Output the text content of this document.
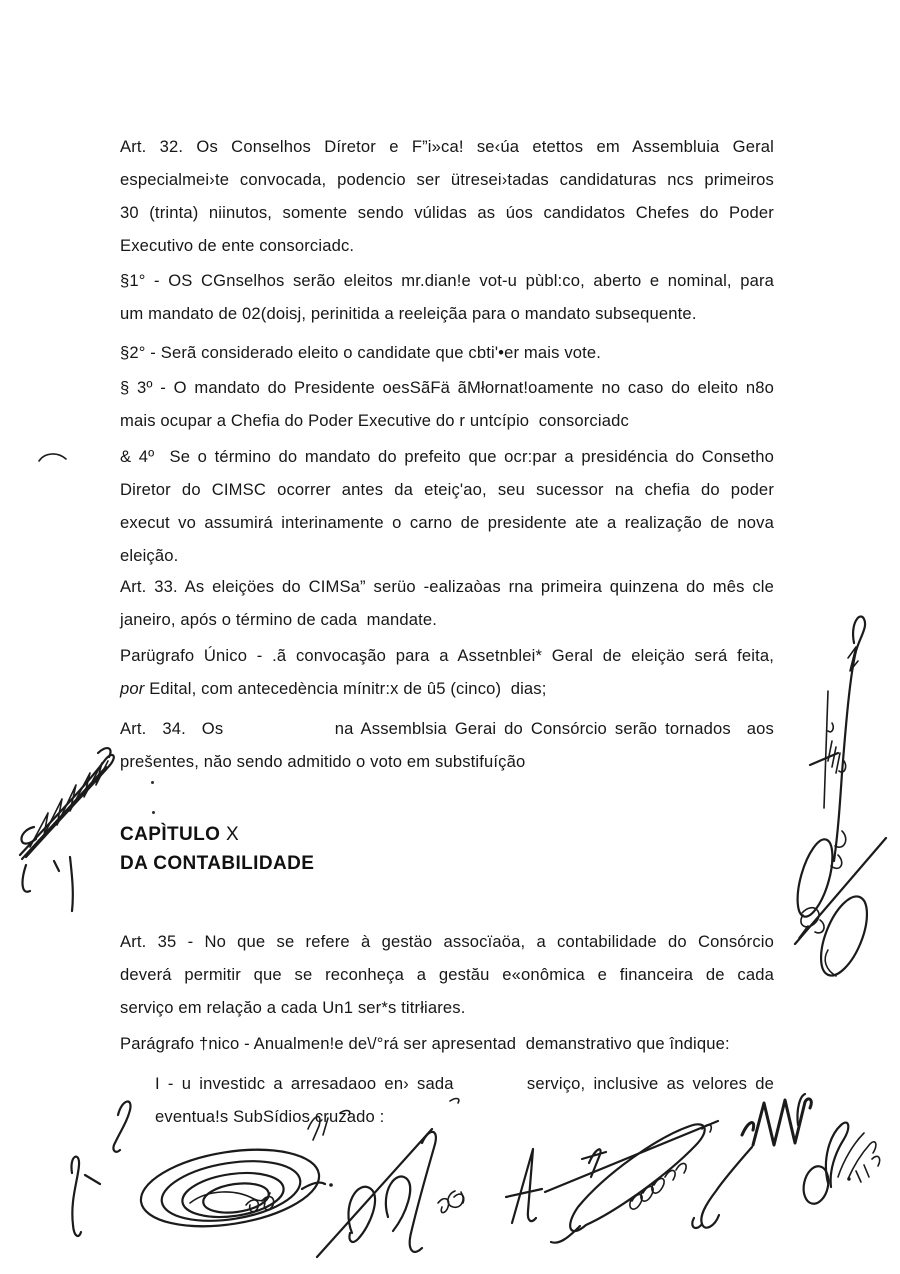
Art. 32. Os Conselhos Díretor e F”i»ca! se‹úa etettos em Assembluia Geral
especialmei›te convocada, podencio ser ütresei›tadas candidaturas ncs primeiros
30 (trinta) niinutos, somente sendo vúlidas as úos candidatos Chefes do Poder
Executivo de ente consorciadc.
§1° - OS CGnselhos serão eleitos mr.dian!e vot-u pùbl:co, aberto e nominal, para
um mandato de 02(doisj, perinitida a reeleiçãa para o mandato subsequente.
§2° - Serã considerado eleito o candidate que cbti'•er mais vote.
§ 3º - O mandato do Presidente oesSãFä ãMłornat!oamente no caso do eleito n8o
mais ocupar a Chefia do Poder Executive do r untcípio  consorciadc
& 4º  Se o término do mandato do prefeito que ocr:par a presidéncia do Consetho
Diretor do CIMSC ocorrer antes da eteiç'ao, seu sucessor na chefia do poder
execut vo assumirá interinamente o carno de presidente ate a realização de nova
eleição.
Art. 33. As eleiçöes do CIMSa” serüo -ealizaòas rna primeira quinzena do mês cle
janeiro, após o término de cada  mandate.
Parügrafo Único - .ã convocaşão para a Assetnblei* Geral de eleiçäo será feita,
por Edital, com antecedència mínitr:x de û5 (cinco)  dias;
Art.  34.  Os              na Assemblsia Gerai do Consórcio serão tornados  aos
prešentes, năo sendo admitido o voto em substifuíção
CAPÌTULO X
DA CONTABILIDADE
Art. 35 - No que se refere à gestäo assocïaöa, a contabilidade do Consórcio
deverá permitir que se reconheça a gestău e«onômica e financeira de cada
serviço em relaçăo a cada Un1 ser*s titrłiares.
Parágrafo †nico - Anualmen!e de\/°rá ser apresentad  demanstrativo que îndique:
I - u investidc a arresadaoo en› sada         serviço, inclusive as velores de
eventua!s SubSídios cruzado :
